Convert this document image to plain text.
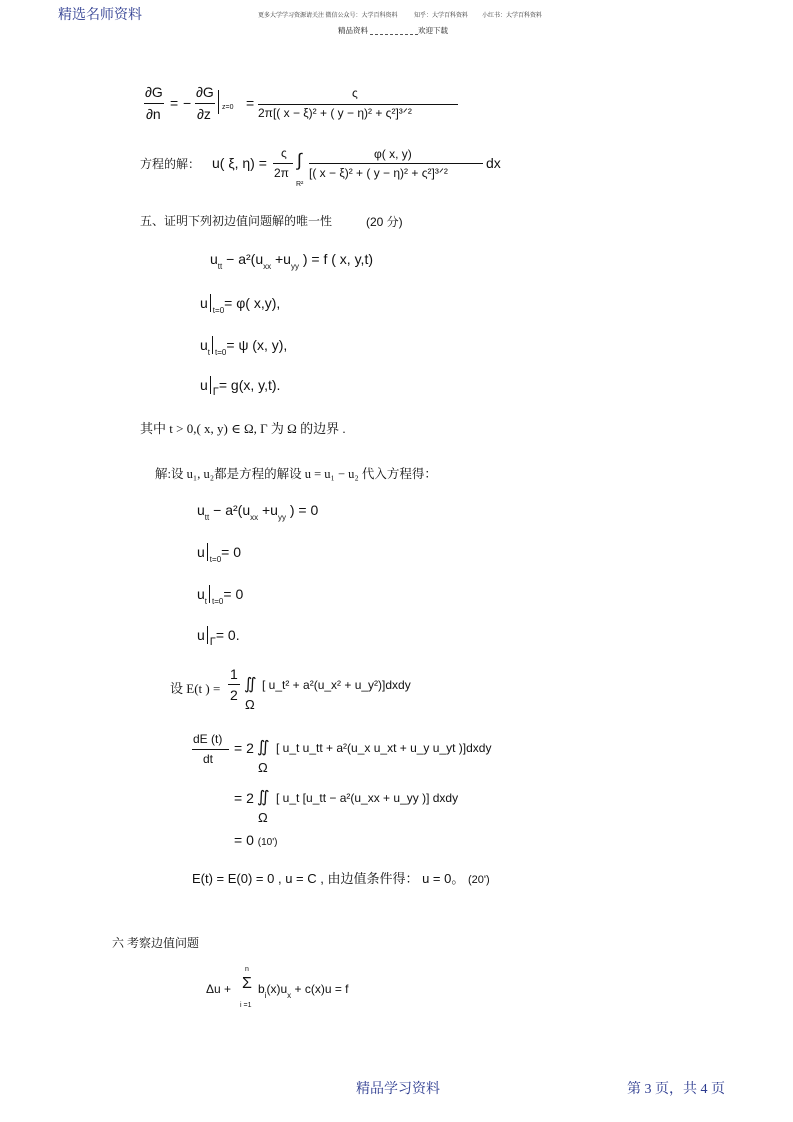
精选名师资料	更多大学学习资源请关注 微信公众号：大学百科资料	知乎：大学百科资料 小红书：大学百科资料
精品资料	欢迎下载
∂G
∂n
= −
∂G
∂z z=0 =
ς
2π[( x − ξ)² + ( y − η)² + ς²]³ᐟ²
方程的解： u( ξ, η) =
ς
2π
∫
R²
φ( x, y)
[( x − ξ)² + ( y − η)² + ς²]³ᐟ²
dx
五、证明下列初边值问题解的唯一性	(20 分)
$u_{tt} - a^2(u_{xx} +u_{yy}$ ) = f ( x, y,t)
u $_{t=0}$= φ( x,y),
$u_t$ $_{t=0}$= ψ (x, y),
u $_\Gamma$= g(x, y,t).
其中 t > 0,( x, y) ∈ Ω, Γ 为 Ω 的边界 .
解:设 u₁, u₂都是方程的解设 u = u₁ − u₂ 代入方程得：
$u_{tt} - a^2(u_{xx} +u_{yy}$ ) = 0
u $_{t=0}$= 0
$u_t$ $_{t=0}$= 0
u $_\Gamma$= 0.
设 E(t ) =
1
2
∬
Ω
[ u_t² + a²(u_x² + u_y²)]dxdy
dE (t)
dt
= 2 ∬
Ω
[ u_t u_tt + a²(u_x u_xt + u_y u_yt )]dxdy
= 2 ∬
Ω
[ u_t [u_tt − a²(u_xx + u_yy )] dxdy
= 0 (10')
E(t) = E(0) = 0 , u = C , 由边值条件得： u = 0。 (20')
六 考察边值问题
Δu +
n
Σ
i =1
$b_i(x)u_x + c(x)u = f$
精品学习资料	第 3 页，共 4 页
